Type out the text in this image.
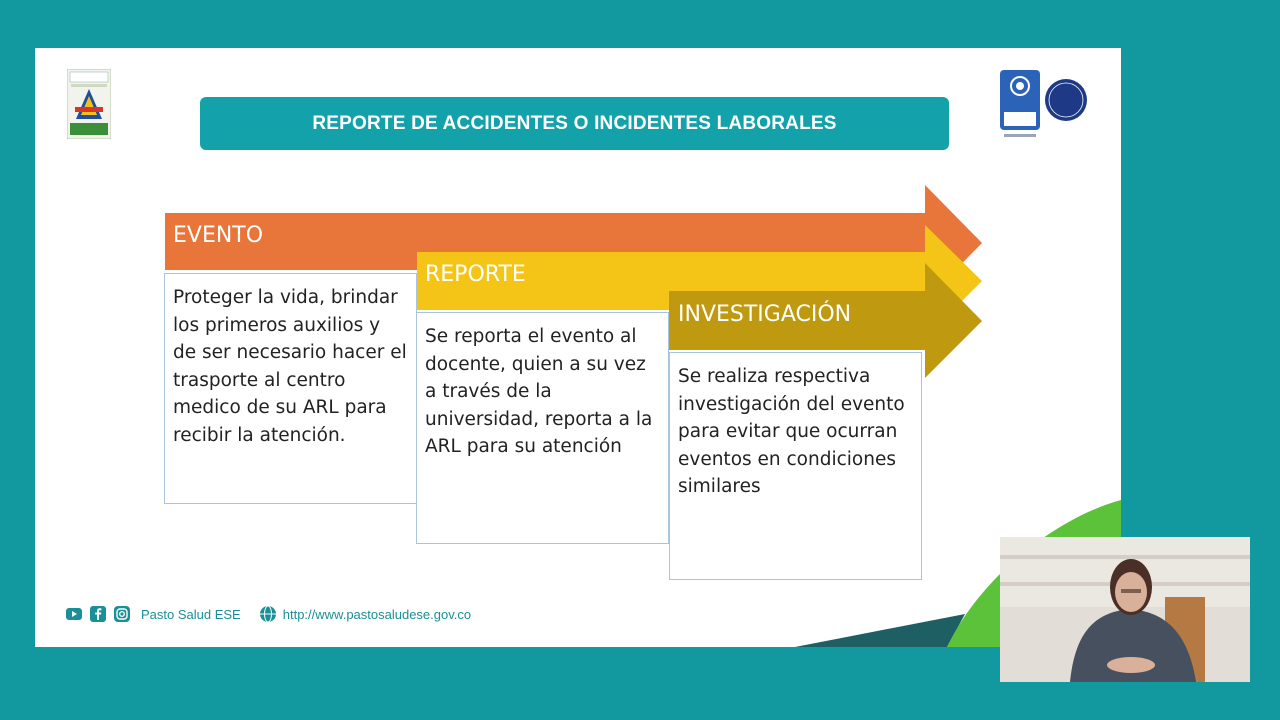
REPORTE DE ACCIDENTES O INCIDENTES LABORALES
EVENTO
REPORTE
INVESTIGACIÓN
Proteger la vida, brindar los primeros auxilios y de ser necesario hacer el trasporte al centro medico de su ARL para recibir la atención.
Se reporta el evento al docente, quien a su vez a través de la universidad, reporta a la ARL para su atención
Se realiza respectiva investigación del evento para evitar que ocurran eventos en condiciones similares
Pasto Salud ESE	http://www.pastosaludese.gov.co
